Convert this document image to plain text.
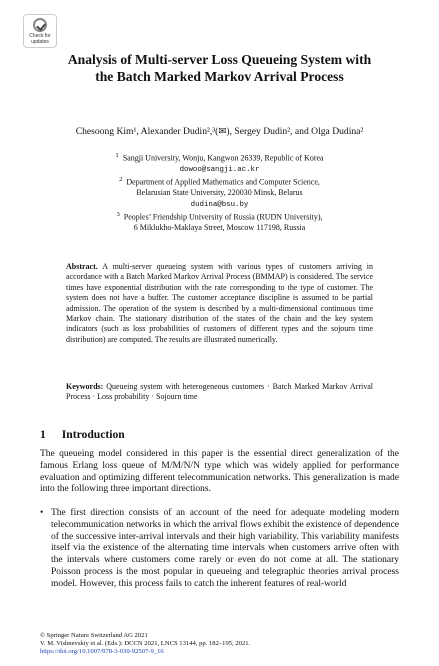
Check for
updates
Analysis of Multi-server Loss Queueing System with the Batch Marked Markov Arrival Process
Chesoong Kim¹, Alexander Dudin²,³(✉), Sergey Dudin², and Olga Dudina²
$^1$ Sangji University, Wonju, Kangwon 26339, Republic of Korea
dowoo@sangji.ac.kr
$^2$ Department of Applied Mathematics and Computer Science,
Belarusian State University, 220030 Minsk, Belarus
dudina@bsu.by
$^3$ Peoples’ Friendship University of Russia (RUDN University),
6 Miklukho-Maklaya Street, Moscow 117198, Russia
Abstract. A multi-server queueing system with various types of customers arriving in accordance with a Batch Marked Markov Arrival Process (BMMAP) is considered. The service times have exponential distribution with the rate corresponding to the type of customer. The system does not have a buffer. The customer acceptance discipline is assumed to be partial admission. The operation of the system is described by a multi-dimensional continuous time Markov chain. The stationary distribution of the states of the chain and the key system indicators (such as loss probabilities of customers of different types and the sojourn time distribution) are computed. The results are illustrated numerically.
Keywords: Queueing system with heterogeneous customers · Batch Marked Markov Arrival Process · Loss probability · Sojourn time
1 Introduction
The queueing model considered in this paper is the essential direct generalization of the famous Erlang loss queue of M/M/N/N type which was widely applied for performance evaluation and optimizing different telecommunication networks. This generalization is made into the following three important directions.
• The first direction consists of an account of the need for adequate modeling modern telecommunication networks in which the arrival flows exhibit the existence of dependence of the successive inter-arrival intervals and their high variability. This variability manifests itself via the existence of the alternating time intervals when customers arrive often with the intervals where customers come rarely or even do not come at all. The stationary Poisson process is the most popular in queueing and telegraphic theories arrival process model. However, this process fails to catch the inherent features of real-world
© Springer Nature Switzerland AG 2021
V. M. Vishnevskiy et al. (Eds.): DCCN 2021, LNCS 13144, pp. 182–195, 2021.
https://doi.org/10.1007/978-3-030-92507-9_16
